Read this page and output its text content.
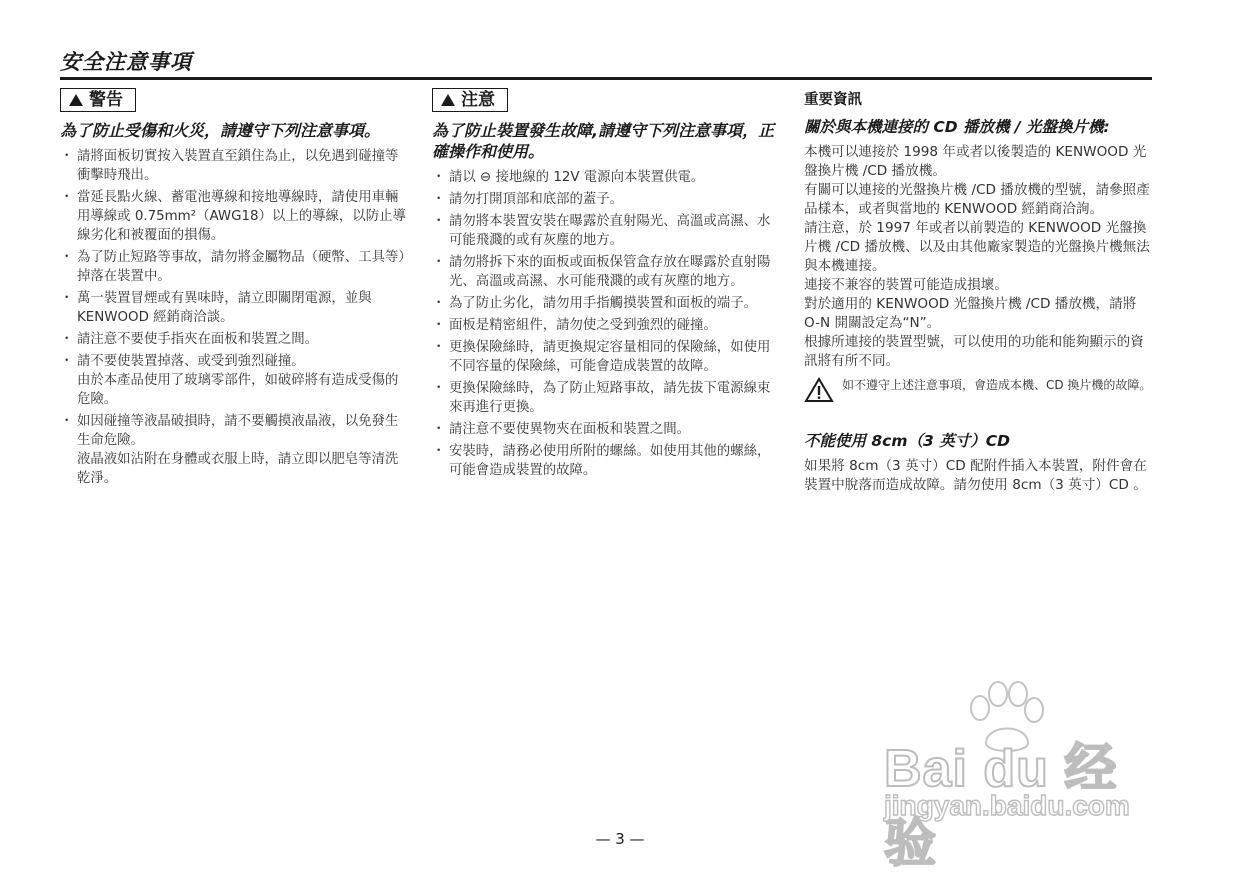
安全注意事項
警告
為了防止受傷和火災，請遵守下列注意事項。
・ 請將面板切實按入裝置直至鎖住為止，以免遇到碰撞等衝擊時飛出。
・ 當延長點火線、蓄電池導線和接地導線時，請使用車輛用導線或 0.75mm²（AWG18）以上的導線，以防止導線劣化和被覆面的損傷。
・ 為了防止短路等事故，請勿將金屬物品（硬幣、工具等）掉落在裝置中。
・ 萬一裝置冒煙或有異味時，請立即關閉電源，並與 KENWOOD 經銷商洽談。
・ 請注意不要使手指夾在面板和裝置之間。
・ 請不要使裝置掉落、或受到強烈碰撞。
由於本產品使用了玻璃零部件，如破碎將有造成受傷的危險。
・ 如因碰撞等液晶破損時，請不要觸摸液晶液，以免發生生命危險。
液晶液如沾附在身體或衣服上時，請立即以肥皂等清洗乾淨。
注意
為了防止裝置發生故障,請遵守下列注意事項，正確操作和使用。
・ 請以 ⊖ 接地線的 12V 電源向本裝置供電。
・ 請勿打開頂部和底部的蓋子。
・ 請勿將本裝置安裝在曝露於直射陽光、高溫或高濕、水可能飛濺的或有灰塵的地方。
・ 請勿將拆下來的面板或面板保管盒存放在曝露於直射陽光、高溫或高濕、水可能飛濺的或有灰塵的地方。
・ 為了防止劣化，請勿用手指觸摸裝置和面板的端子。
・ 面板是精密組件，請勿使之受到強烈的碰撞。
・ 更換保險絲時，請更換規定容量相同的保險絲，如使用不同容量的保險絲，可能會造成裝置的故障。
・ 更換保險絲時，為了防止短路事故，請先拔下電源線束來再進行更換。
・ 請注意不要使異物夾在面板和裝置之間。
・ 安裝時，請務必使用所附的螺絲。如使用其他的螺絲，可能會造成裝置的故障。
重要資訊
關於與本機連接的 CD 播放機 / 光盤換片機:

本機可以連接於 1998 年或者以後製造的 KENWOOD 光盤換片機 /CD 播放機。

有關可以連接的光盤換片機 /CD 播放機的型號，請參照產品樣本，或者與當地的 KENWOOD 經銷商洽詢。

請注意，於 1997 年或者以前製造的 KENWOOD 光盤換片機 /CD 播放機、以及由其他廠家製造的光盤換片機無法與本機連接。

連接不兼容的裝置可能造成損壞。

對於適用的 KENWOOD 光盤換片機 /CD 播放機，請將 O-N 開關設定為“N”。

根據所連接的裝置型號，可以使用的功能和能夠顯示的資訊將有所不同。

如不遵守上述注意事項，會造成本機、CD 換片機的故障。
不能使用 8cm（3 英寸）CD

如果將 8cm（3 英寸）CD 配附件插入本裝置，附件會在裝置中脫落而造成故障。請勿使用 8cm（3 英寸）CD 。

Bai du 经验
jingyan.baidu.com
— 3 —
